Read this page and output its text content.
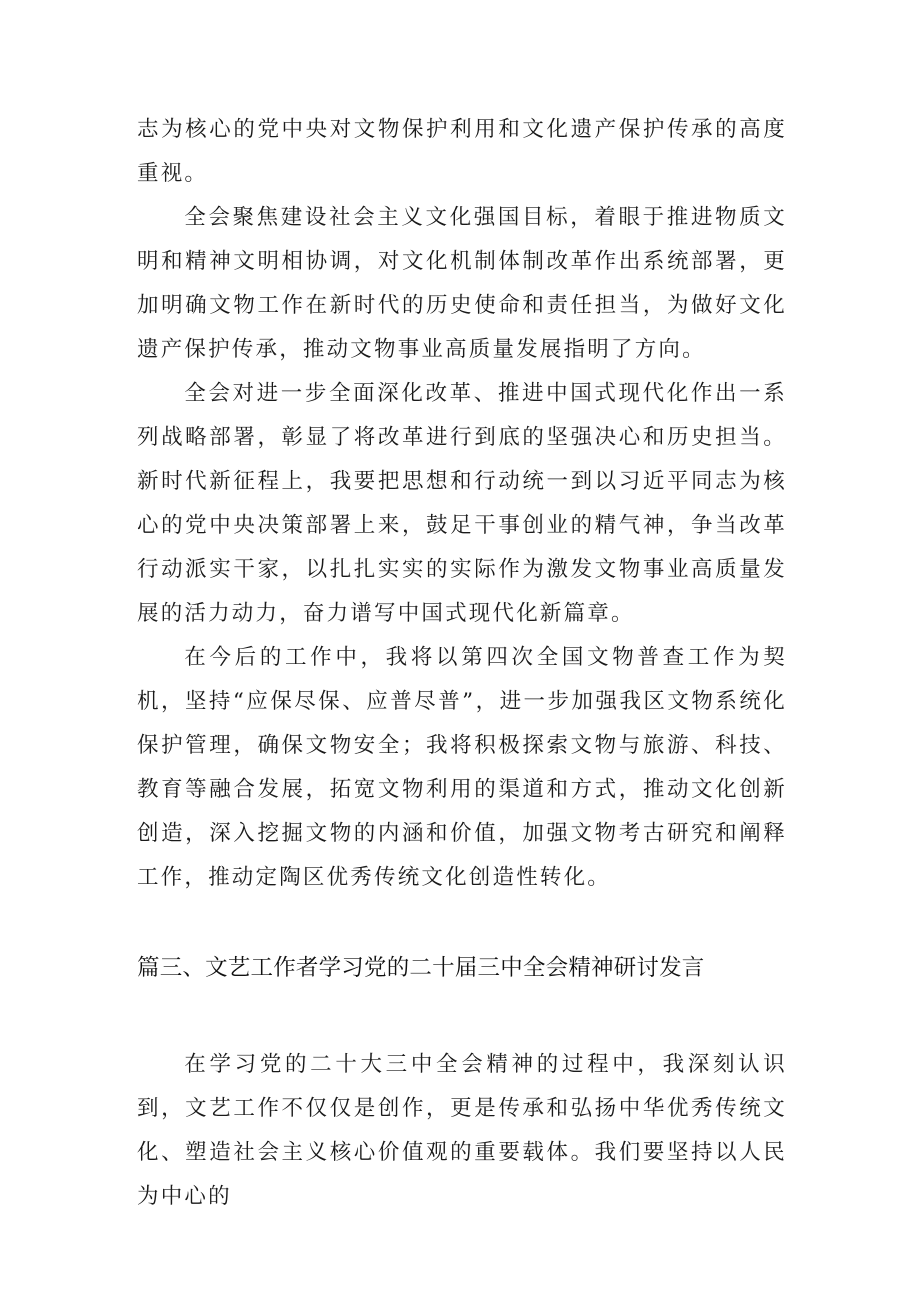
志为核心的党中央对文物保护利用和文化遗产保护传承的高度重视。

全会聚焦建设社会主义文化强国目标，着眼于推进物质文明和精神文明相协调，对文化机制体制改革作出系统部署，更加明确文物工作在新时代的历史使命和责任担当，为做好文化遗产保护传承，推动文物事业高质量发展指明了方向。

全会对进一步全面深化改革、推进中国式现代化作出一系列战略部署，彰显了将改革进行到底的坚强决心和历史担当。新时代新征程上，我要把思想和行动统一到以习近平同志为核心的党中央决策部署上来，鼓足干事创业的精气神，争当改革行动派实干家，以扎扎实实的实际作为激发文物事业高质量发展的活力动力，奋力谱写中国式现代化新篇章。

在今后的工作中，我将以第四次全国文物普查工作为契机，坚持“应保尽保、应普尽普”，进一步加强我区文物系统化保护管理，确保文物安全；我将积极探索文物与旅游、科技、教育等融合发展，拓宽文物利用的渠道和方式，推动文化创新创造，深入挖掘文物的内涵和价值，加强文物考古研究和阐释工作，推动定陶区优秀传统文化创造性转化。

篇三、文艺工作者学习党的二十届三中全会精神研讨发言

在学习党的二十大三中全会精神的过程中，我深刻认识到，文艺工作不仅仅是创作，更是传承和弘扬中华优秀传统文化、塑造社会主义核心价值观的重要载体。我们要坚持以人民为中心的
